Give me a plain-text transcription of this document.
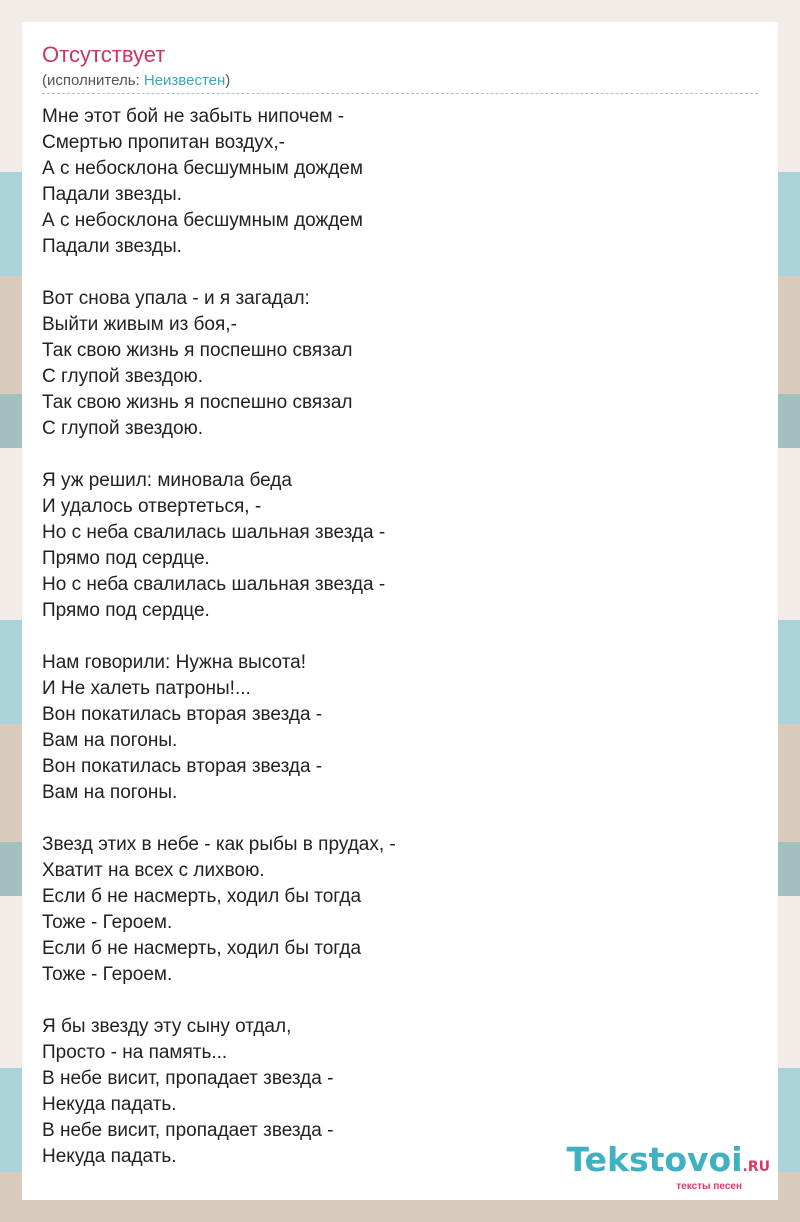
Отсутствует
(исполнитель: Неизвестен)
Мне этот бой не забыть нипочем -
Смертью пропитан воздух,-
А с небосклона бесшумным дождем
Падали звезды.
А с небосклона бесшумным дождем
Падали звезды.
Вот снова упала - и я загадал:
Выйти живым из боя,-
Так свою жизнь я поспешно связал
С глупой звездою.
Так свою жизнь я поспешно связал
С глупой звездою.
Я уж решил: миновала беда
И удалось отвертеться, -
Но с неба свалилась шальная звезда -
Прямо под сердце.
Но с неба свалилась шальная звезда -
Прямо под сердце.
Нам говорили: Нужна высота!
И Не халеть патроны!...
Вон покатилась вторая звезда -
Вам на погоны.
Вон покатилась вторая звезда -
Вам на погоны.
Звезд этих в небе - как рыбы в прудах, -
Хватит на всех с лихвою.
Если б не насмерть, ходил бы тогда
Тоже - Героем.
Если б не насмерть, ходил бы тогда
Тоже - Героем.
Я бы звезду эту сыну отдал,
Просто - на память...
В небе висит, пропадает звезда -
Некуда падать.
В небе висит, пропадает звезда -
Некуда падать.	Tekstovoi.RU
тексты песен
